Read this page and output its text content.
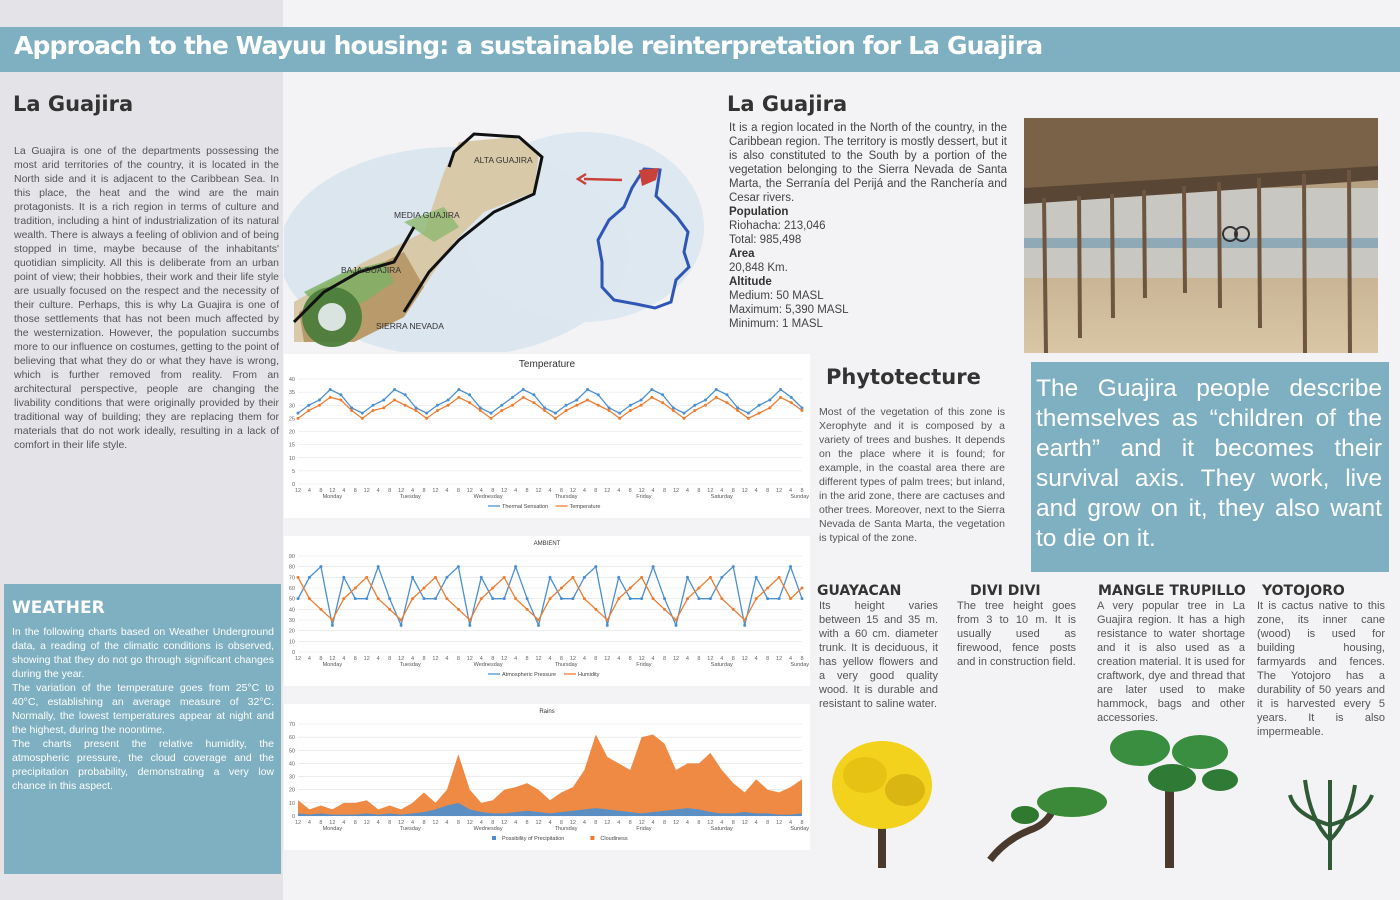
Approach to the Wayuu housing: a sustainable reinterpretation for La Guajira
La Guajira
La Guajira is one of the departments possessing the most arid territories of the country, it is located in the North side and it is adjacent to the Caribbean Sea. In this place, the heat and the wind are the main protagonists. It is a rich region in terms of culture and tradition, including a hint of industrialization of its natural wealth. There is always a feeling of oblivion and of being stopped in time, maybe because of the inhabitants' quotidian simplicity. All this is deliberate from an urban point of view; their hobbies, their work and their life style are usually focused on the respect and the necessity of their culture. Perhaps, this is why La Guajira is one of those settlements that has not been much affected by the westernization. However, the population succumbs more to our influence on costumes, getting to the point of believing that what they do or what they have is wrong, which is further removed from reality. From an architectural perspective, people are changing the livability conditions that were originally provided by their traditional way of building; they are replacing them for materials that do not work ideally, resulting in a lack of comfort in their life style.
ALTA GUAJIRA
MEDIA GUAJIRA
BAJA GUAJIRA
SIERRA NEVADA
La Guajira
It is a region located in the North of the country, in the Caribbean region. The territory is mostly dessert, but it is also constituted to the South by a portion of the vegetation belonging to the Sierra Nevada de Santa Marta, the Serranía del Perijá and the Ranchería and Cesar rivers.
Population
Riohacha: 213,046
Total: 985,498
Area
20,848 Km.
Altitude
Medium: 50 MASL
Maximum: 5,390 MASL
Minimum: 1 MASL
Temperature
0
5
10
15
20
25
30
35
40
12 4 8 12 4 8 12 4 8 12 4 8 12 4 8 12 4 8 12 4 8 12 4 8 12 4 8 12 4 8 12 4 8 12 4 8 12 4 8 12 4 8 12 4 8
Monday	Tuesday	Wednesday	Thursday	Friday	Saturday	Sunday
Thermal Sensation	Temperature
AMBIENT
0
10
20
30
40
50
60
70
80
90
12 4 8 12 4 8 12 4 8 12 4 8 12 4 8 12 4 8 12 4 8 12 4 8 12 4 8 12 4 8 12 4 8 12 4 8 12 4 8 12 4 8 12 4 8
Monday	Tuesday	Wednesday	Thursday	Friday	Saturday	Sunday
Atmospheric Pressure	Humidity
Rains
0
10
20
30
40
50
60
70
12 4 8 12 4 8 12 4 8 12 4 8 12 4 8 12 4 8 12 4 8 12 4 8 12 4 8 12 4 8 12 4 8 12 4 8 12 4 8 12 4 8 12 4 8
Monday	Tuesday	Wednesday	Thursday	Friday	Saturday	Sunday
Possibility of Precipitation	Cloudiness
WEATHER
In the following charts based on Weather Underground data, a reading of the climatic conditions is observed, showing that they do not go through significant changes during the year.
The variation of the temperature goes from 25°C to 40°C, establishing an average measure of 32°C. Normally, the lowest temperatures appear at night and the highest, during the noontime.
The charts present the relative humidity, the atmospheric pressure, the cloud coverage and the precipitation probability, demonstrating a very low chance in this aspect.
Phytotecture
Most of the vegetation of this zone is Xerophyte and it is composed by a variety of trees and bushes. It depends on the place where it is found; for example, in the coastal area there are different types of palm trees; but inland, in the arid zone, there are cactuses and other trees. Moreover, next to the Sierra Nevada de Santa Marta, the vegetation is typical of the zone.
The Guajira people describe themselves as “children of the earth” and it becomes their survival axis. They work, live and grow on it, they also want to die on it.
GUAYACAN
Its height varies between 15 and 35 m. with a 60 cm. diameter trunk. It is deciduous, it has yellow flowers and a very good quality wood. It is durable and resistant to saline water.
DIVI DIVI
The tree height goes from 3 to 10 m. It is usually used as firewood, fence posts and in construction field.
MANGLE TRUPILLO
A very popular tree in La Guajira region. It has a high resistance to water shortage and it is also used as a creation material. It is used for craftwork, dye and thread that are later used to make hammock, bags and other accessories.
YOTOJORO
It is cactus native to this zone, its inner cane (wood) is used for building housing, farmyards and fences. The Yotojoro has a durability of 50 years and it is harvested every 5 years. It is also impermeable.
